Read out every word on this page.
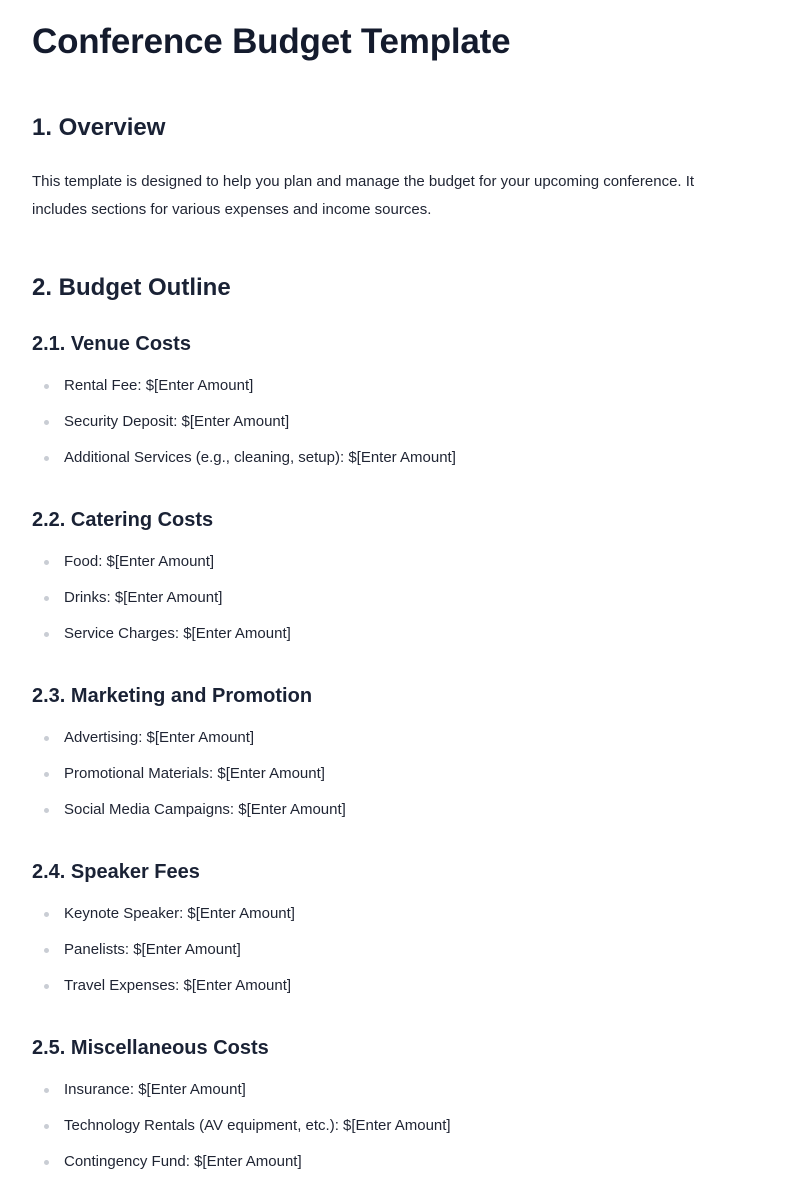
Conference Budget Template
1. Overview

This template is designed to help you plan and manage the budget for your upcoming conference. It includes sections for various expenses and income sources.

2. Budget Outline
2.1. Venue Costs
Rental Fee: $[Enter Amount]
Security Deposit: $[Enter Amount]
Additional Services (e.g., cleaning, setup): $[Enter Amount]
2.2. Catering Costs
Food: $[Enter Amount]
Drinks: $[Enter Amount]
Service Charges: $[Enter Amount]
2.3. Marketing and Promotion
Advertising: $[Enter Amount]
Promotional Materials: $[Enter Amount]
Social Media Campaigns: $[Enter Amount]
2.4. Speaker Fees
Keynote Speaker: $[Enter Amount]
Panelists: $[Enter Amount]
Travel Expenses: $[Enter Amount]
2.5. Miscellaneous Costs
Insurance: $[Enter Amount]
Technology Rentals (AV equipment, etc.): $[Enter Amount]
Contingency Fund: $[Enter Amount]
